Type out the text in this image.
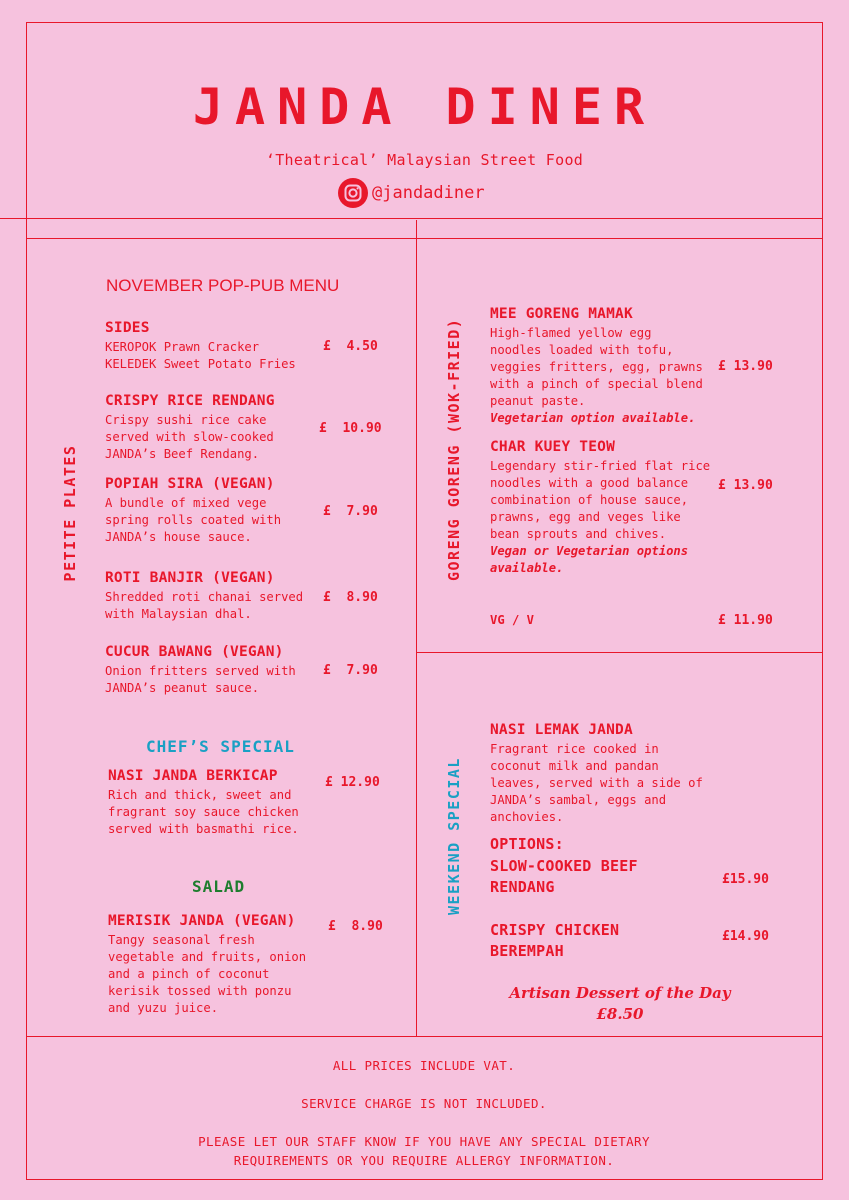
JANDA DINER
‘Theatrical’ Malaysian Street Food
@jandadiner
PETITE PLATES
NOVEMBER POP-PUB MENU
SIDES
KEROPOK Prawn Cracker
KELEDEK Sweet Potato Fries
£  4.50
CRISPY RICE RENDANG
Crispy sushi rice cake served with slow-cooked JANDA’s Beef Rendang.
£  10.90
POPIAH SIRA (VEGAN)
A bundle of mixed vege spring rolls coated with JANDA’s house sauce.
£  7.90
ROTI BANJIR (VEGAN)
Shredded roti chanai served with Malaysian dhal.
£  8.90
CUCUR BAWANG (VEGAN)
Onion fritters served with JANDA’s peanut sauce.
£  7.90
CHEF’S SPECIAL
NASI JANDA BERKICAP
Rich and thick, sweet and fragrant soy sauce chicken served with basmathi rice.
£ 12.90
SALAD
MERISIK JANDA (VEGAN)
Tangy seasonal fresh vegetable and fruits, onion and a pinch of coconut kerisik tossed with ponzu and yuzu juice.
£  8.90
GORENG GORENG (WOK-FRIED)
MEE GORENG MAMAK
High-flamed yellow egg noodles loaded with tofu, veggies fritters, egg, prawns with a pinch of special blend peanut paste.
Vegetarian option available.
£ 13.90
CHAR KUEY TEOW
Legendary stir-fried flat rice noodles with a good balance combination of house sauce, prawns, egg and veges like bean sprouts and chives.
Vegan or Vegetarian options available.
£ 13.90
VG / V	£ 11.90
WEEKEND SPECIAL
NASI LEMAK JANDA
Fragrant rice cooked in coconut milk and pandan leaves, served with a side of JANDA’s sambal, eggs and anchovies.
OPTIONS:
SLOW-COOKED BEEF RENDANG	£15.90
CRISPY CHICKEN BEREMPAH
£14.90
Artisan Dessert of the Day
£8.50
ALL PRICES INCLUDE VAT.
SERVICE CHARGE IS NOT INCLUDED.
PLEASE LET OUR STAFF KNOW IF YOU HAVE ANY SPECIAL DIETARY
REQUIREMENTS OR YOU REQUIRE ALLERGY INFORMATION.
